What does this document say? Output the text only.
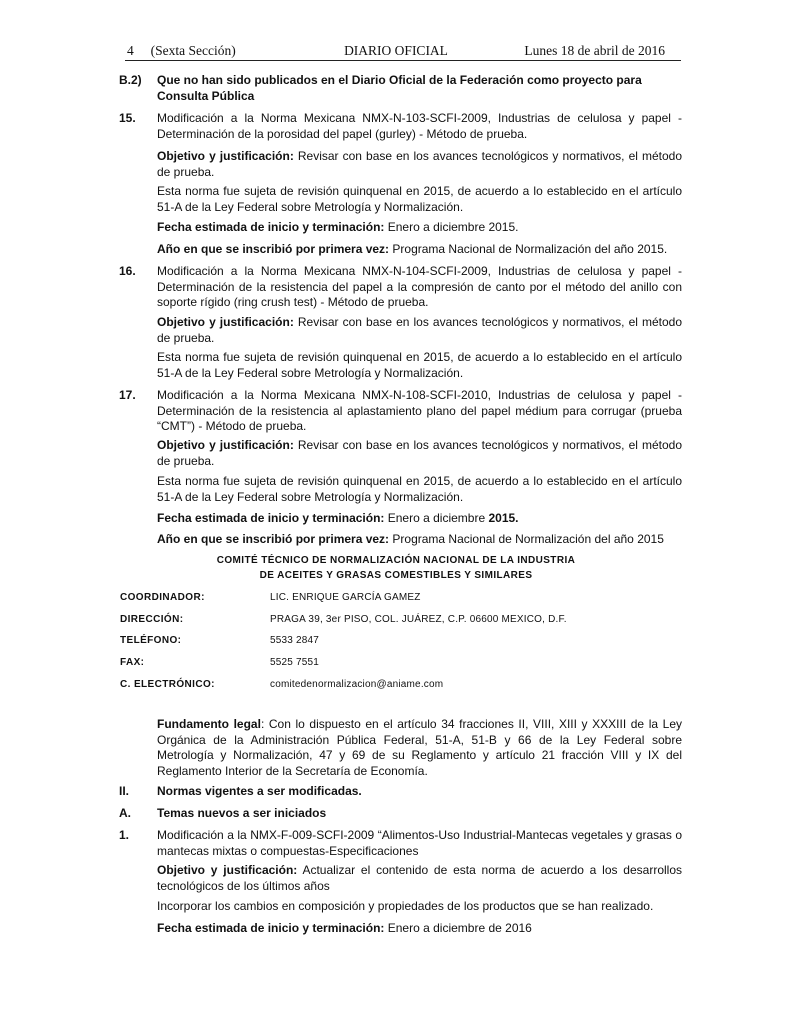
4     (Sexta Sección)	DIARIO OFICIAL	Lunes 18 de abril de 2016
B.2) Que no han sido publicados en el Diario Oficial de la Federación como proyecto para Consulta Pública
15. Modificación a la Norma Mexicana NMX-N-103-SCFI-2009, Industrias de celulosa y papel - Determinación de la porosidad del papel (gurley) - Método de prueba.
Objetivo y justificación: Revisar con base en los avances tecnológicos y normativos, el método de prueba.
Esta norma fue sujeta de revisión quinquenal en 2015, de acuerdo a lo establecido en el artículo 51-A de la Ley Federal sobre Metrología y Normalización.
Fecha estimada de inicio y terminación: Enero a diciembre 2015.
Año en que se inscribió por primera vez: Programa Nacional de Normalización del año 2015.
16. Modificación a la Norma Mexicana NMX-N-104-SCFI-2009, Industrias de celulosa y papel - Determinación de la resistencia del papel a la compresión de canto por el método del anillo con soporte rígido (ring crush test) - Método de prueba.
Objetivo y justificación: Revisar con base en los avances tecnológicos y normativos, el método de prueba.
Esta norma fue sujeta de revisión quinquenal en 2015, de acuerdo a lo establecido en el artículo 51-A de la Ley Federal sobre Metrología y Normalización.
17. Modificación a la Norma Mexicana NMX-N-108-SCFI-2010, Industrias de celulosa y papel - Determinación de la resistencia al aplastamiento plano del papel médium para corrugar (prueba “CMT”) - Método de prueba.
Objetivo y justificación: Revisar con base en los avances tecnológicos y normativos, el método de prueba.
Esta norma fue sujeta de revisión quinquenal en 2015, de acuerdo a lo establecido en el artículo 51-A de la Ley Federal sobre Metrología y Normalización.
Fecha estimada de inicio y terminación: Enero a diciembre 2015.
Año en que se inscribió por primera vez: Programa Nacional de Normalización del año 2015
COMITÉ TÉCNICO DE NORMALIZACIÓN NACIONAL DE LA INDUSTRIA
DE ACEITES Y GRASAS COMESTIBLES Y SIMILARES
COORDINADOR:	LIC. ENRIQUE GARCÍA GAMEZ
DIRECCIÓN:	PRAGA 39, 3er PISO, COL. JUÁREZ, C.P. 06600 MEXICO, D.F.
TELÉFONO:	5533 2847
FAX:	5525 7551
C. ELECTRÓNICO:	comitedenormalizacion@aniame.com
Fundamento legal: Con lo dispuesto en el artículo 34 fracciones II, VIII, XIII y XXXIII de la Ley Orgánica de la Administración Pública Federal, 51-A, 51-B y 66 de la Ley Federal sobre Metrología y Normalización, 47 y 69 de su Reglamento y artículo 21 fracción VIII y IX del Reglamento Interior de la Secretaría de Economía.
II. Normas vigentes a ser modificadas.
A. Temas nuevos a ser iniciados
1. Modificación a la NMX-F-009-SCFI-2009 “Alimentos-Uso Industrial-Mantecas vegetales y grasas o mantecas mixtas o compuestas-Especificaciones
Objetivo y justificación: Actualizar el contenido de esta norma de acuerdo a los desarrollos tecnológicos de los últimos años
Incorporar los cambios en composición y propiedades de los productos que se han realizado.
Fecha estimada de inicio y terminación: Enero a diciembre de 2016
